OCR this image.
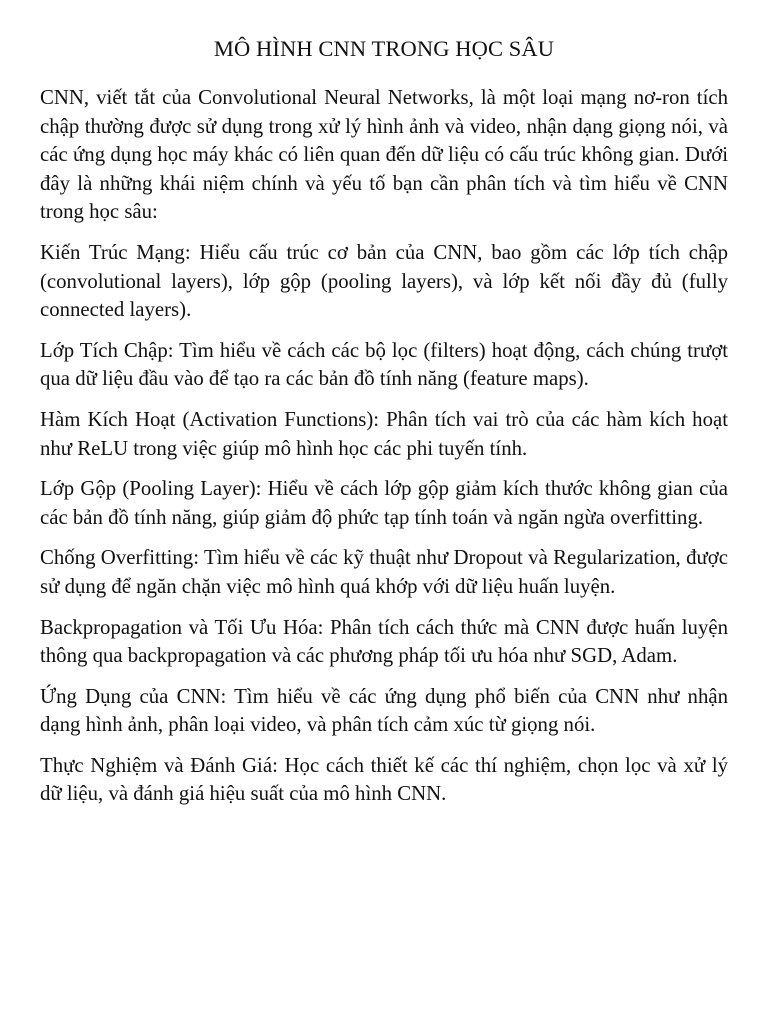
MÔ HÌNH CNN TRONG HỌC SÂU

CNN, viết tắt của Convolutional Neural Networks, là một loại mạng nơ-ron tích chập thường được sử dụng trong xử lý hình ảnh và video, nhận dạng giọng nói, và các ứng dụng học máy khác có liên quan đến dữ liệu có cấu trúc không gian. Dưới đây là những khái niệm chính và yếu tố bạn cần phân tích và tìm hiểu về CNN trong học sâu:

Kiến Trúc Mạng: Hiểu cấu trúc cơ bản của CNN, bao gồm các lớp tích chập (convolutional layers), lớp gộp (pooling layers), và lớp kết nối đầy đủ (fully connected layers).

Lớp Tích Chập: Tìm hiểu về cách các bộ lọc (filters) hoạt động, cách chúng trượt qua dữ liệu đầu vào để tạo ra các bản đồ tính năng (feature maps).

Hàm Kích Hoạt (Activation Functions): Phân tích vai trò của các hàm kích hoạt như ReLU trong việc giúp mô hình học các phi tuyến tính.

Lớp Gộp (Pooling Layer): Hiểu về cách lớp gộp giảm kích thước không gian của các bản đồ tính năng, giúp giảm độ phức tạp tính toán và ngăn ngừa overfitting.

Chống Overfitting: Tìm hiểu về các kỹ thuật như Dropout và Regularization, được sử dụng để ngăn chặn việc mô hình quá khớp với dữ liệu huấn luyện.

Backpropagation và Tối Ưu Hóa: Phân tích cách thức mà CNN được huấn luyện thông qua backpropagation và các phương pháp tối ưu hóa như SGD, Adam.

Ứng Dụng của CNN: Tìm hiểu về các ứng dụng phổ biến của CNN như nhận dạng hình ảnh, phân loại video, và phân tích cảm xúc từ giọng nói.

Thực Nghiệm và Đánh Giá: Học cách thiết kế các thí nghiệm, chọn lọc và xử lý dữ liệu, và đánh giá hiệu suất của mô hình CNN.
